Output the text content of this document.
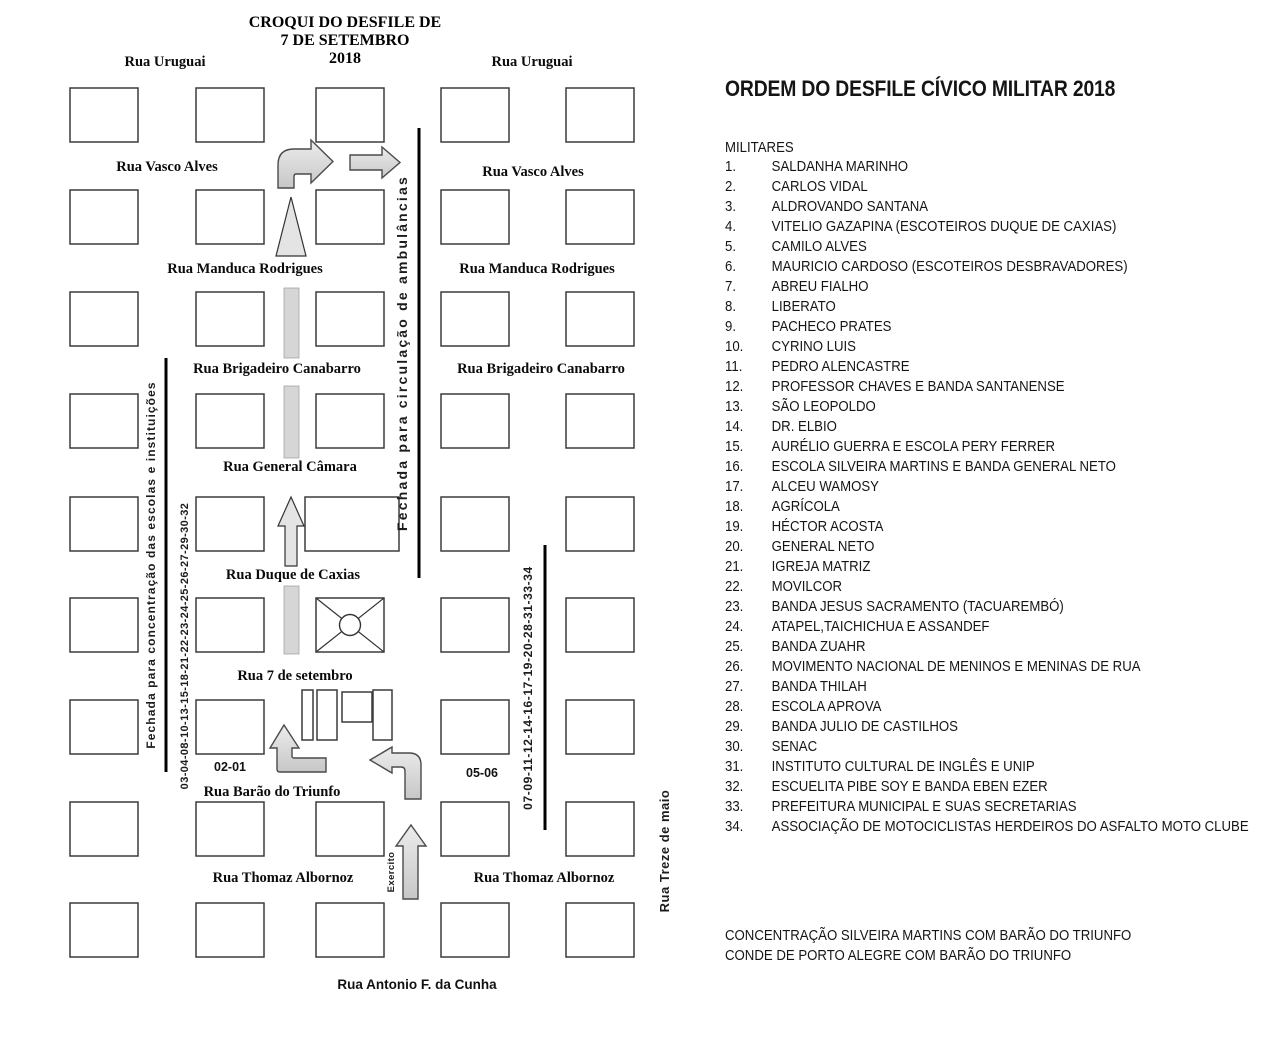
CROQUI DO DESFILE DE
7 DE SETEMBRO
2018
Rua Uruguai	Rua Uruguai
Rua Vasco Alves	Rua Vasco Alves
Rua Manduca Rodrigues	Rua Manduca Rodrigues
Rua Brigadeiro Canabarro	Rua Brigadeiro Canabarro
Rua General Câmara
Rua Duque de Caxias
Rua 7 de setembro
Rua Barão do Triunfo
Rua Thomaz Albornoz	Rua Thomaz Albornoz
Rua Antonio F. da Cunha
02-01	05-06
Fechada para concentração das escolas e instituições 03-04-08-10-13-15-18-21-22-23-24-25-26-27-29-30-32
Fechada para circulação de ambulâncias
07-09-11-12-14-16-17-19-20-28-31-33-34
Rua Treze de maio
Exercito
ORDEM DO DESFILE CÍVICO MILITAR 2018
MILITARES
1. SALDANHA MARINHO
2. CARLOS VIDAL
3. ALDROVANDO SANTANA
4. VITELIO GAZAPINA (ESCOTEIROS DUQUE DE CAXIAS)
5. CAMILO ALVES
6. MAURICIO CARDOSO (ESCOTEIROS DESBRAVADORES)
7. ABREU FIALHO
8. LIBERATO
9. PACHECO PRATES
10. CYRINO LUIS
11. PEDRO ALENCASTRE
12. PROFESSOR CHAVES E BANDA SANTANENSE
13. SÃO LEOPOLDO
14. DR. ELBIO
15. AURÉLIO GUERRA E ESCOLA PERY FERRER
16. ESCOLA SILVEIRA MARTINS E BANDA GENERAL NETO
17. ALCEU WAMOSY
18. AGRÍCOLA
19. HÉCTOR ACOSTA
20. GENERAL NETO
21. IGREJA MATRIZ
22. MOVILCOR
23. BANDA JESUS SACRAMENTO (TACUAREMBÓ)
24. ATAPEL,TAICHICHUA E ASSANDEF
25. BANDA ZUAHR
26. MOVIMENTO NACIONAL DE MENINOS E MENINAS DE RUA
27. BANDA THILAH
28. ESCOLA APROVA
29. BANDA JULIO DE CASTILHOS
30. SENAC
31. INSTITUTO CULTURAL DE INGLÊS E UNIP
32. ESCUELITA PIBE SOY E BANDA EBEN EZER
33. PREFEITURA MUNICIPAL E SUAS SECRETARIAS
34. ASSOCIAÇÃO DE MOTOCICLISTAS HERDEIROS DO ASFALTO MOTO CLUBE
CONCENTRAÇÃO SILVEIRA MARTINS COM BARÃO DO TRIUNFO
CONDE DE PORTO ALEGRE COM BARÃO DO TRIUNFO
